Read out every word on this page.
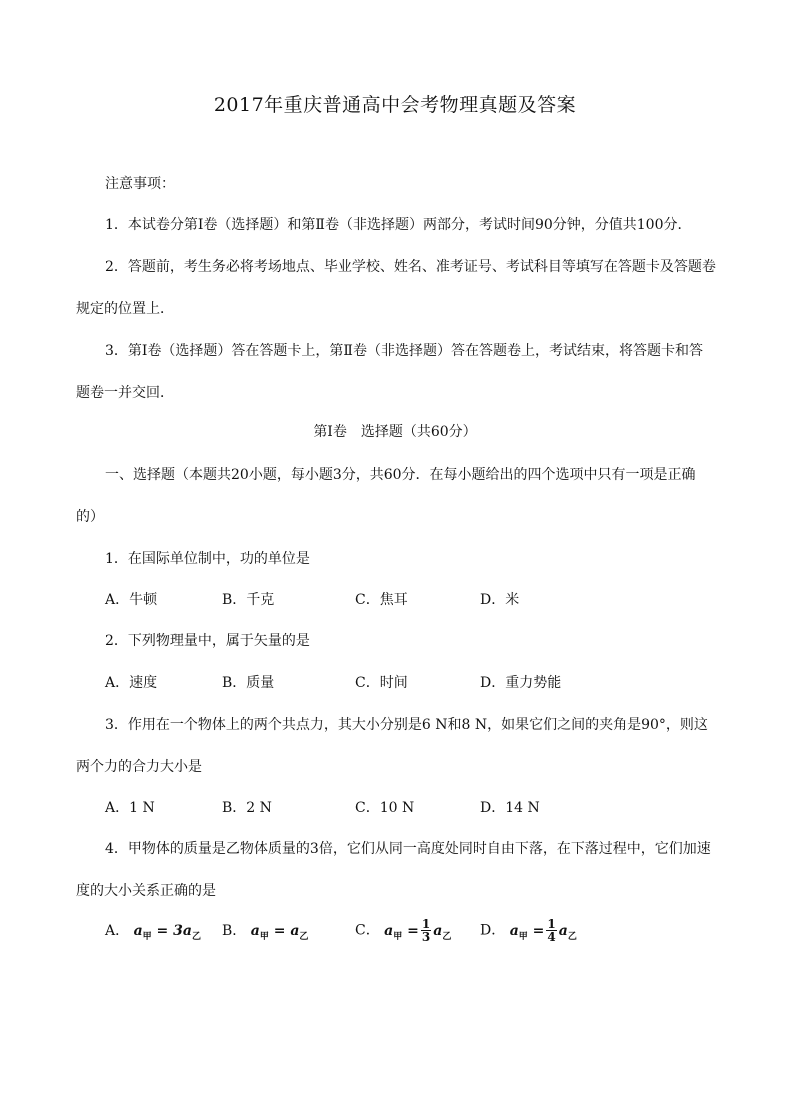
2017年重庆普通高中会考物理真题及答案
注意事项：
1．本试卷分第Ⅰ卷（选择题）和第Ⅱ卷（非选择题）两部分，考试时间90分钟，分值共100分．
2．答题前，考生务必将考场地点、毕业学校、姓名、准考证号、考试科目等填写在答题卡及答题卷
规定的位置上．
3．第Ⅰ卷（选择题）答在答题卡上，第Ⅱ卷（非选择题）答在答题卷上，考试结束，将答题卡和答
题卷一并交回．
第Ⅰ卷　选择题（共60分）
一、选择题（本题共20小题，每小题3分，共60分．在每小题给出的四个选项中只有一项是正确
的）
1．在国际单位制中，功的单位是
A．牛顿	B．千克	C．焦耳	D．米
2．下列物理量中，属于矢量的是
A．速度	B．质量	C．时间	D．重力势能
3．作用在一个物体上的两个共点力，其大小分别是6 N和8 N，如果它们之间的夹角是90°，则这
两个力的合力大小是
A．1 N	B．2 N	C．10 N	D．14 N
4．甲物体的质量是乙物体质量的3倍，它们从同一高度处同时自由下落，在下落过程中，它们加速
度的大小关系正确的是
A． $a_甲 = 3a_乙$ B． $a_甲 = a_乙$	C． $a_甲 = \frac{1}{3} a_乙$ D． $a_甲 = \frac{1}{4} a_乙$
